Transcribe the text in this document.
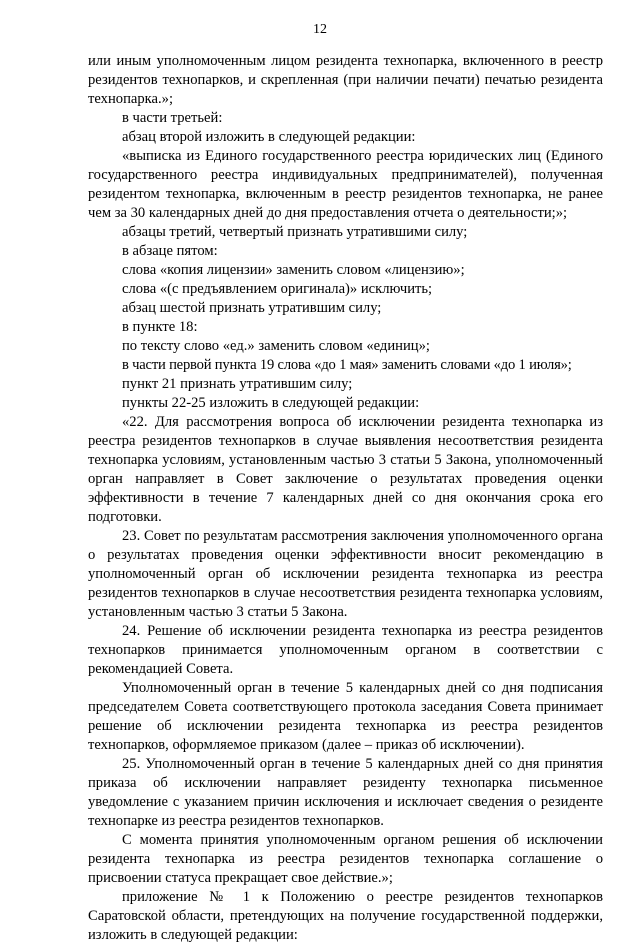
12

или иным уполномоченным лицом резидента технопарка, включенного в реестр резидентов технопарков, и скрепленная (при наличии печати) печатью резидента технопарка.»;

в части третьей:

абзац второй изложить в следующей редакции:

«выписка из Единого государственного реестра юридических лиц (Единого государственного реестра индивидуальных предпринимателей), полученная резидентом технопарка, включенным в реестр резидентов технопарка, не ранее чем за 30 календарных дней до дня предоставления отчета о деятельности;»;

абзацы третий, четвертый признать утратившими силу;

в абзаце пятом:

слова «копия лицензии» заменить словом «лицензию»;

слова «(с предъявлением оригинала)» исключить;

абзац шестой признать утратившим силу;

в пункте 18:

по тексту слово «ед.» заменить словом «единиц»;

в части первой пункта 19 слова «до 1 мая» заменить словами «до 1 июля»;

пункт 21 признать утратившим силу;

пункты 22-25 изложить в следующей редакции:

«22. Для рассмотрения вопроса об исключении резидента технопарка из реестра резидентов технопарков в случае выявления несоответствия резидента технопарка условиям, установленным частью 3 статьи 5 Закона, уполномоченный орган направляет в Совет заключение о результатах проведения оценки эффективности в течение 7 календарных дней со дня окончания срока его подготовки.

23. Совет по результатам рассмотрения заключения уполномоченного органа о результатах проведения оценки эффективности вносит рекомендацию в уполномоченный орган об исключении резидента технопарка из реестра резидентов технопарков в случае несоответствия резидента технопарка условиям, установленным частью 3 статьи 5 Закона.

24. Решение об исключении резидента технопарка из реестра резидентов технопарков принимается уполномоченным органом в соответствии с рекомендацией Совета.

Уполномоченный орган в течение 5 календарных дней со дня подписания председателем Совета соответствующего протокола заседания Совета принимает решение об исключении резидента технопарка из реестра резидентов технопарков, оформляемое приказом (далее – приказ об исключении).

25. Уполномоченный орган в течение 5 календарных дней со дня принятия приказа об исключении направляет резиденту технопарка письменное уведомление с указанием причин исключения и исключает сведения о резиденте технопарке из реестра резидентов технопарков.

С момента принятия уполномоченным органом решения об исключении резидента технопарка из реестра резидентов технопарка соглашение о присвоении статуса прекращает свое действие.»;

приложение № 1 к Положению о реестре резидентов технопарков Саратовской области, претендующих на получение государственной поддержки, изложить в следующей редакции:
